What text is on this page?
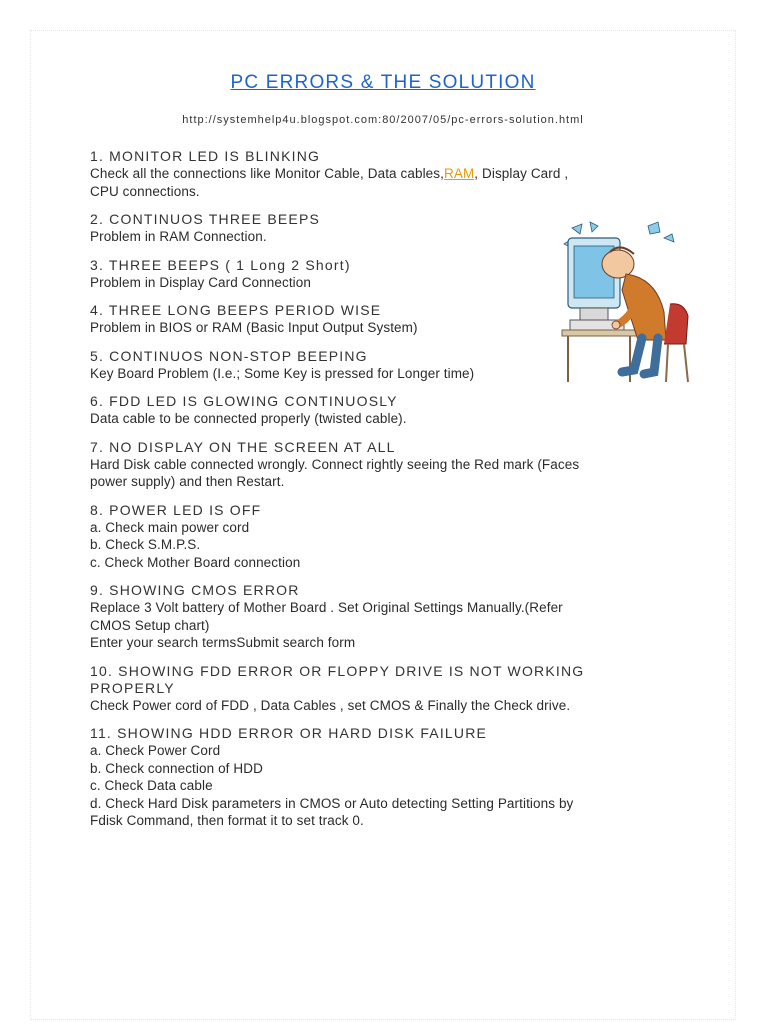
PC ERRORS & THE SOLUTION
http://systemhelp4u.blogspot.com:80/2007/05/pc-errors-solution.html
1. MONITOR LED IS BLINKING
Check all the connections like Monitor Cable, Data cables,RAM, Display Card ,
CPU connections.
2. CONTINUOS THREE BEEPS
Problem in RAM Connection.
3. THREE BEEPS ( 1 Long 2 Short)
Problem in Display Card Connection
4. THREE LONG BEEPS PERIOD WISE
Problem in BIOS or RAM (Basic Input Output System)
5. CONTINUOS NON-STOP BEEPING
Key Board Problem (I.e.; Some Key is pressed for Longer time)
6. FDD LED IS GLOWING CONTINUOSLY
Data cable to be connected properly (twisted cable).
7. NO DISPLAY ON THE SCREEN AT ALL
Hard Disk cable connected wrongly. Connect rightly seeing the Red mark (Faces
power supply) and then Restart.
8. POWER LED IS OFF
a. Check main power cord
b. Check S.M.P.S.
c. Check Mother Board connection
9. SHOWING CMOS ERROR
Replace 3 Volt battery of Mother Board . Set Original Settings Manually.(Refer
CMOS Setup chart)
Enter your search termsSubmit search form
10. SHOWING FDD ERROR OR FLOPPY DRIVE IS NOT WORKING
PROPERLY
Check Power cord of FDD , Data Cables , set CMOS & Finally the Check drive.
11. SHOWING HDD ERROR OR HARD DISK FAILURE
a. Check Power Cord
b. Check connection of HDD
c. Check Data cable
d. Check Hard Disk parameters in CMOS or Auto detecting Setting Partitions by
Fdisk Command, then format it to set track 0.
